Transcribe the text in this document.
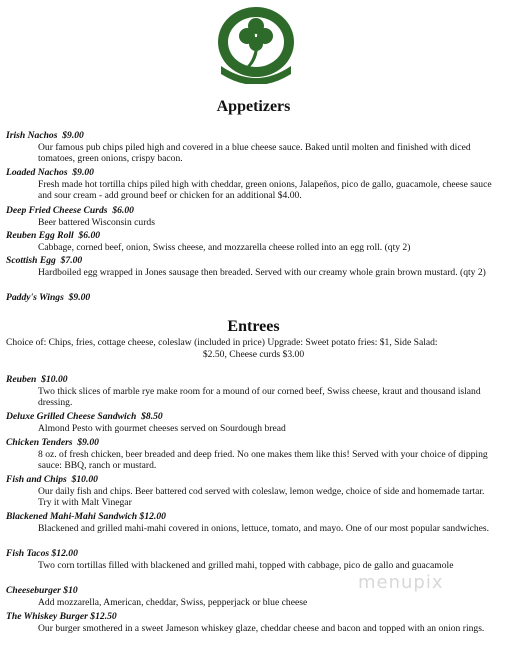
Appetizers
Irish Nachos  $9.00
Our famous pub chips piled high and covered in a blue cheese sauce. Baked until molten and finished with diced tomatoes, green onions, crispy bacon.
Loaded Nachos  $9.00
Fresh made hot tortilla chips piled high with cheddar, green onions, Jalapeños, pico de gallo, guacamole, cheese sauce and sour cream - add ground beef or chicken for an additional $4.00.
Deep Fried Cheese Curds  $6.00
Beer battered Wisconsin curds
Reuben Egg Roll  $6.00
Cabbage, corned beef, onion, Swiss cheese, and mozzarella cheese rolled into an egg roll. (qty 2)
Scottish Egg  $7.00
Hardboiled egg wrapped in Jones sausage then breaded. Served with our creamy whole grain brown mustard. (qty 2)
Paddy's Wings  $9.00
Entrees
Choice of: Chips, fries, cottage cheese, coleslaw (included in price) Upgrade: Sweet potato fries: $1, Side Salad:
$2.50, Cheese curds $3.00
Reuben  $10.00
Two thick slices of marble rye make room for a mound of our corned beef, Swiss cheese, kraut and thousand island dressing.
Deluxe Grilled Cheese Sandwich  $8.50
Almond Pesto with gourmet cheeses served on Sourdough bread
Chicken Tenders  $9.00
8 oz. of fresh chicken, beer breaded and deep fried. No one makes them like this! Served with your choice of dipping sauce: BBQ, ranch or mustard.
Fish and Chips  $10.00
Our daily fish and chips. Beer battered cod served with coleslaw, lemon wedge, choice of side and homemade tartar. Try it with Malt Vinegar
Blackened Mahi-Mahi Sandwich $12.00
Blackened and grilled mahi-mahi covered in onions, lettuce, tomato, and mayo. One of our most popular sandwiches.
Fish Tacos $12.00
Two corn tortillas filled with blackened and grilled mahi, topped with cabbage, pico de gallo and guacamole
Cheeseburger $10
Add mozzarella, American, cheddar, Swiss, pepperjack or blue cheese
The Whiskey Burger $12.50
Our burger smothered in a sweet Jameson whiskey glaze, cheddar cheese and bacon and topped with an onion rings.
menupix
